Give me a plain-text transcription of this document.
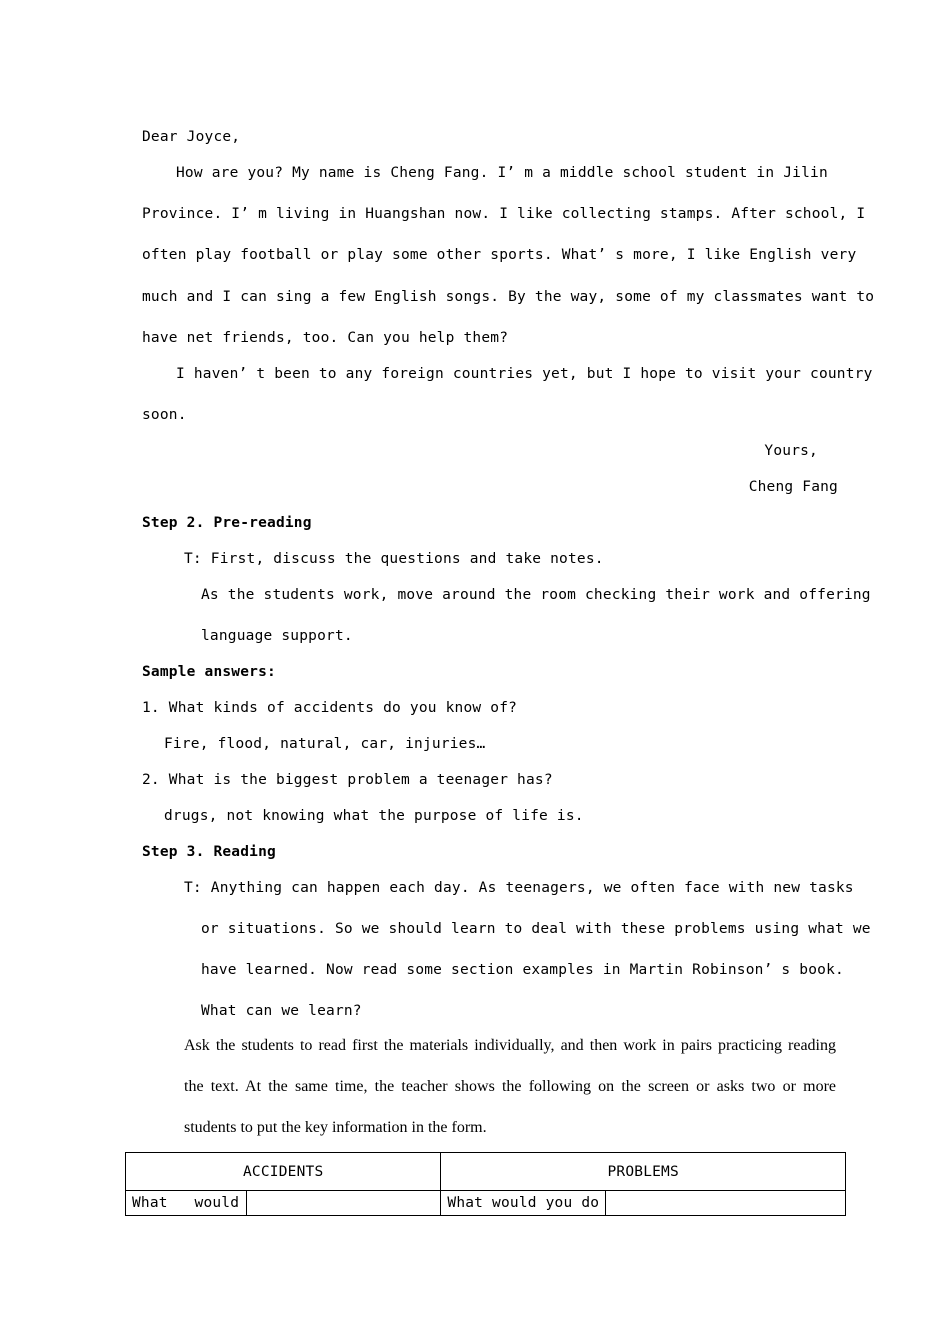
Dear Joyce,
How are you? My name is Cheng Fang. I’ m a middle school student in Jilin
Province. I’ m living in Huangshan now. I like collecting stamps. After school, I
often play football or play some other sports. What’ s more, I like English very
much and I can sing a few English songs. By the way, some of my classmates want to
have net friends, too. Can you help them?
I haven’ t been to any foreign countries yet, but I hope to visit your country
soon.
Yours,
Cheng Fang
Step 2. Pre-reading
T: First, discuss the questions and take notes.
As the students work, move around the room checking their work and offering
language support.
Sample answers:
1. What kinds of accidents do you know of?
Fire, flood, natural, car, injuries…
2. What is the biggest problem a teenager has?
drugs, not knowing what the purpose of life is.
Step 3. Reading
T: Anything can happen each day. As teenagers, we often face with new tasks
or situations. So we should learn to deal with these problems using what we
have learned. Now read some section examples in Martin Robinson’ s book.
What can we learn?
Ask the students to read first the materials individually, and then work in pairs practicing reading
the text. At the same time, the teacher shows the following on the screen or asks two or more
students to put the key information in the form.
ACCIDENTS		PROBLEMS	
What   would		What would you do	
